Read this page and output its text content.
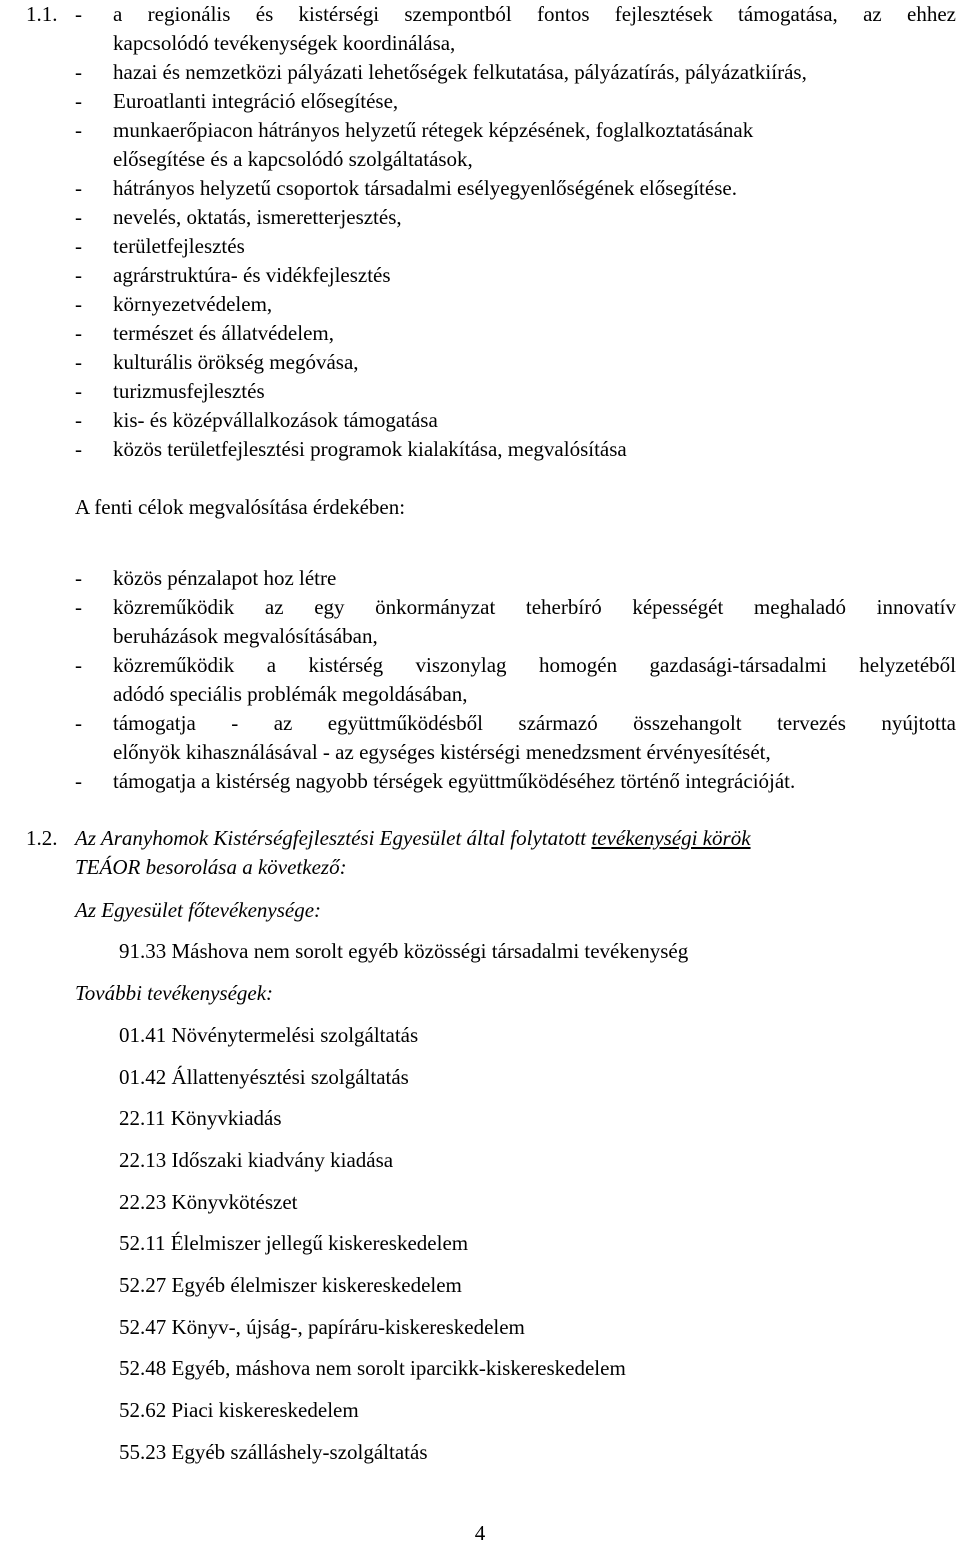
1.1. - a regionális és kistérségi szempontból fontos fejlesztések támogatása, az ehhez
kapcsolódó tevékenységek koordinálása,
- hazai és nemzetközi pályázati lehetőségek felkutatása, pályázatírás, pályázatkiírás,
- Euroatlanti integráció elősegítése,
- munkaerőpiacon hátrányos helyzetű rétegek képzésének, foglalkoztatásának
elősegítése és a kapcsolódó szolgáltatások,
- hátrányos helyzetű csoportok társadalmi esélyegyenlőségének elősegítése.
- nevelés, oktatás, ismeretterjesztés,
- területfejlesztés
- agrárstruktúra- és vidékfejlesztés
- környezetvédelem,
- természet és állatvédelem,
- kulturális örökség megóvása,
- turizmusfejlesztés
- kis- és középvállalkozások támogatása
- közös területfejlesztési programok kialakítása, megvalósítása
A fenti célok megvalósítása érdekében:
- közös pénzalapot hoz létre
- közreműködik az egy önkormányzat teherbíró képességét meghaladó innovatív
beruházások megvalósításában,
- közreműködik a kistérség viszonylag homogén gazdasági-társadalmi helyzetéből
adódó speciális problémák megoldásában,
- támogatja - az együttműködésből származó összehangolt tervezés nyújtotta
előnyök kihasználásával - az egységes kistérségi menedzsment érvényesítését,
- támogatja a kistérség nagyobb térségek együttműködéséhez történő integrációját.
1.2. Az Aranyhomok Kistérségfejlesztési Egyesület által folytatott tevékenységi körök
TEÁOR besorolása a következő:
Az Egyesület főtevékenysége:
91.33 Máshova nem sorolt egyéb közösségi társadalmi tevékenység
További tevékenységek:
01.41 Növénytermelési szolgáltatás
01.42 Állattenyésztési szolgáltatás
22.11 Könyvkiadás
22.13 Időszaki kiadvány kiadása
22.23 Könyvkötészet
52.11 Élelmiszer jellegű kiskereskedelem
52.27 Egyéb élelmiszer kiskereskedelem
52.47 Könyv-, újság-, papíráru-kiskereskedelem
52.48 Egyéb, máshova nem sorolt iparcikk-kiskereskedelem
52.62 Piaci kiskereskedelem
55.23 Egyéb szálláshely-szolgáltatás
4
